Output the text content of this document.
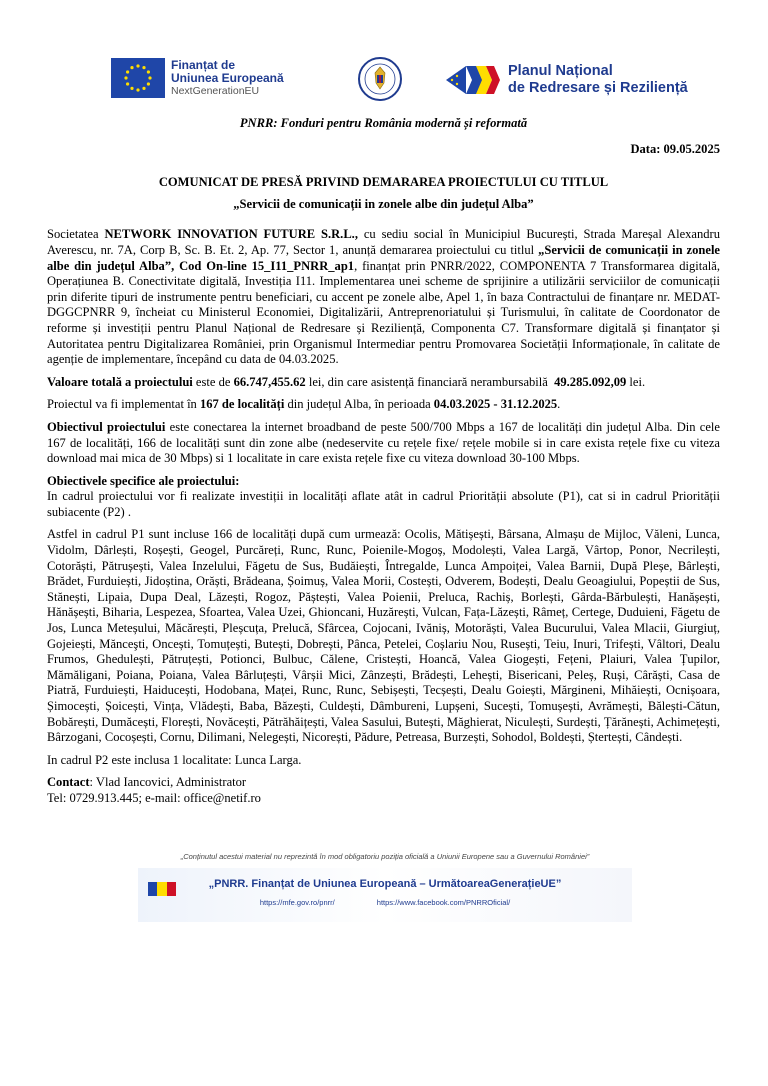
Finanțat de
Uniunea Europeană
NextGenerationEU
Planul Național
de Redresare și Reziliență

PNRR: Fonduri pentru România modernă și reformată

Data: 09.05.2025

COMUNICAT DE PRESĂ PRIVIND DEMARAREA PROIECTULUI CU TITLUL

„Servicii de comunicații in zonele albe din județul Alba”

Societatea NETWORK INNOVATION FUTURE S.R.L., cu sediu social în Municipiul București, Strada Mareșal Alexandru Averescu, nr. 7A, Corp B, Sc. B. Et. 2, Ap. 77, Sector 1, anunță demararea proiectului cu titlul „Servicii de comunicații in zonele albe din județul Alba”, Cod On-line 15_I11_PNRR_ap1, finanțat prin PNRR/2022, COMPONENTA 7 Transformarea digitală, Operațiunea B. Conectivitate digitală, Investiția I11. Implementarea unei scheme de sprijinire a utilizării serviciilor de comunicații prin diferite tipuri de instrumente pentru beneficiari, cu accent pe zonele albe, Apel 1, în baza Contractului de finanțare nr. MEDAT-DGGCPNRR 9, încheiat cu Ministerul Economiei, Digitalizării, Antreprenoriatului și Turismului, în calitate de Coordonator de reforme și investiții pentru Planul Național de Redresare și Reziliență, Componenta C7. Transformare digitală și finanțator și Autoritatea pentru Digitalizarea României, prin Organismul Intermediar pentru Promovarea Societății Informaționale, în calitate de agenție de implementare, începând cu data de 04.03.2025.

Valoare totală a proiectului este de 66.747,455.62 lei, din care asistență financiară nerambursabilă  49.285.092,09 lei.

Proiectul va fi implementat în 167 de localități din județul Alba, în perioada 04.03.2025 - 31.12.2025.

Obiectivul proiectului este conectarea la internet broadband de peste 500/700 Mbps a 167 de localități din județul Alba. Din cele 167 de localități, 166 de localități sunt din zone albe (nedeservite cu rețele fixe/ rețele mobile si in care exista rețele fixe cu viteza download mai mica de 30 Mbps) si 1 localitate in care exista rețele fixe cu viteza download 30-100 Mbps.

Obiectivele specifice ale proiectului:
In cadrul proiectului vor fi realizate investiții in localități aflate atât in cadrul Priorității absolute (P1), cat si in cadrul Priorității subiacente (P2) .

Astfel in cadrul P1 sunt incluse 166 de localități după cum urmează: Ocolis, Mătișești, Bârsana, Almașu de Mijloc, Văleni, Lunca, Vidolm, Dârlești, Roșești, Geogel, Purcăreți, Runc, Runc, Poienile-Mogoș, Modolești, Valea Largă, Vârtop, Ponor, Necrilești, Cotorăști, Pătrușești, Valea Inzelului, Făgetu de Sus, Budăiești, Întregalde, Lunca Ampoiței, Valea Barnii, După Pleșe, Bârlești, Brădet, Furduiești, Jidoștina, Orăști, Brădeana, Șoimuș, Valea Morii, Costești, Odverem, Bodești, Dealu Geoagiului, Popeștii de Sus, Stănești, Lipaia, Dupa Deal, Lăzești, Rogoz, Păștești, Valea Poienii, Preluca, Rachiș, Borlești, Gârda-Bărbulești, Hanășești, Hănășești, Biharia, Lespezea, Sfoartea, Valea Uzei, Ghioncani, Huzărești, Vulcan, Fața-Lăzești, Râmeț, Certege, Duduieni, Făgetu de Jos, Lunca Meteșului, Măcărești, Pleșcuța, Prelucă, Sfârcea, Cojocani, Ivăniș, Motorăști, Valea Bucurului, Valea Mlacii, Giurgiuț, Gojeiești, Mănceşti, Oncești, Tomuțești, Butești, Dobrești, Pânca, Petelei, Coșlariu Nou, Rusești, Teiu, Inuri, Trifești, Vâltori, Dealu Frumos, Ghedulești, Pătruțești, Potionci, Bulbuc, Călene, Cristești, Hoancă, Valea Giogești, Fețeni, Plaiuri, Valea Țupilor, Mămăligani, Poiana, Poiana, Valea Bârluțești, Vârșii Mici, Zânzești, Brădești, Lehești, Bisericani, Peleș, Ruși, Cârăști, Casa de Piatră, Furduiești, Haiducești, Hodobana, Maței, Runc, Runc, Sebișești, Tecșești, Dealu Goiești, Mărgineni, Mihăiești, Ocnișoara, Șimocești, Șoicești, Vința, Vlădești, Baba, Băzești, Culdești, Dâmbureni, Lupșeni, Sucești, Tomușești, Avrămești, Bălești-Cătun, Bobărești, Dumăcești, Florești, Novăcești, Pătrăhăițești, Valea Sasului, Butești, Măghierat, Niculești, Surdești, Țărănești, Achimețești, Bârzogani, Cocoșești, Cornu, Dilimani, Nelegești, Nicorești, Pădure, Petreasa, Burzești, Sohodol, Boldești, Ștertești, Cândești.

In cadrul P2 este inclusa 1 localitate: Lunca Larga.

Contact: Vlad Iancovici, Administrator
Tel: 0729.913.445; e-mail: office@netif.ro

„Conținutul acestui material nu reprezintă în mod obligatoriu poziția oficială a Uniunii Europene sau a Guvernului României”
„PNRR. Finanțat de Uniunea Europeană – UrmătoareaGenerațieUE”
https://mfe.gov.ro/pnrr/	https://www.facebook.com/PNRROficial/
